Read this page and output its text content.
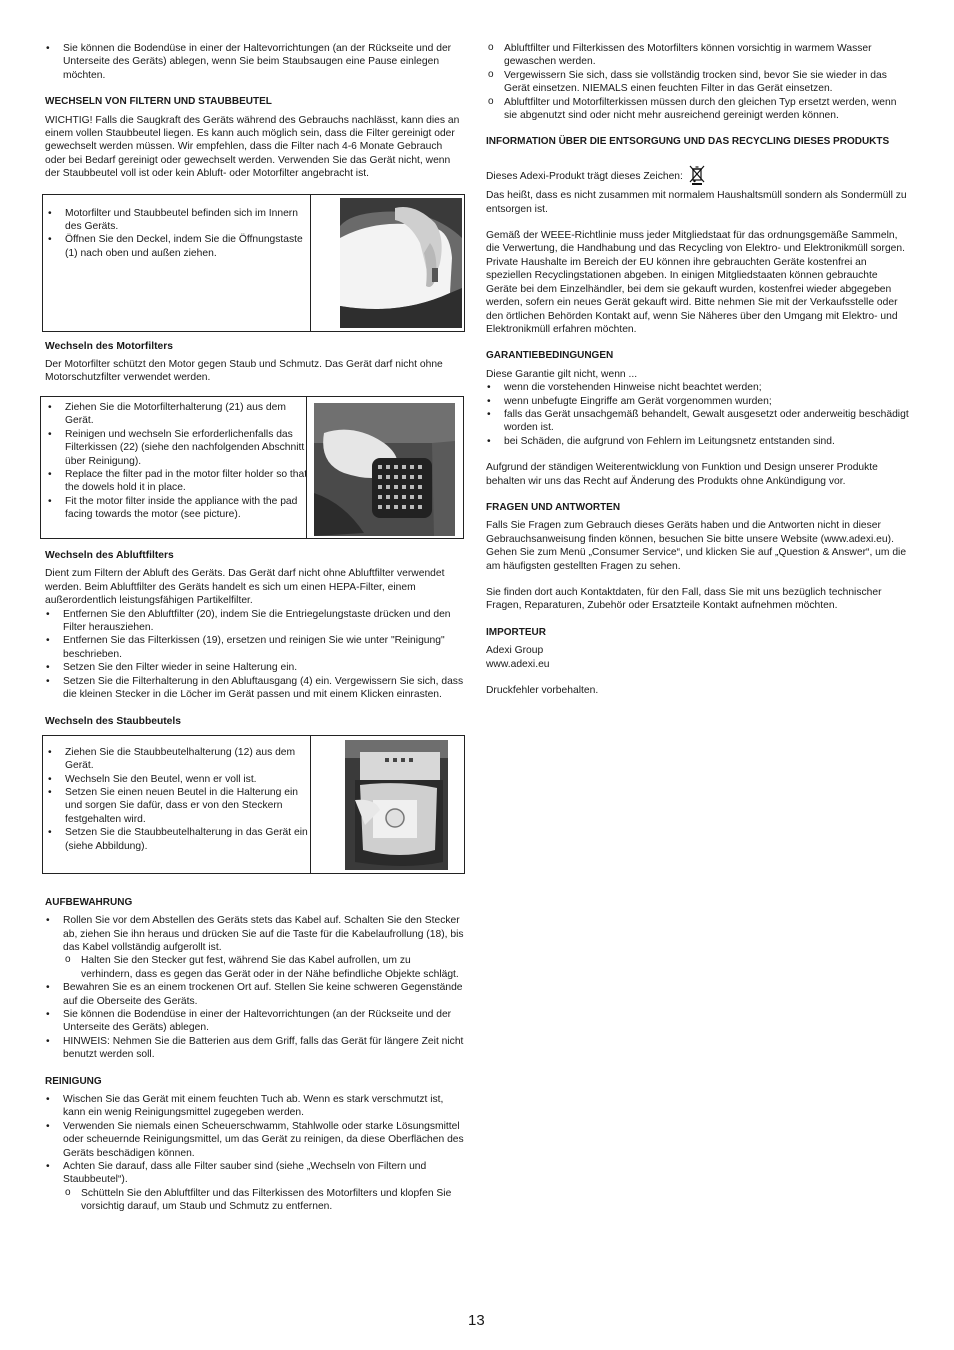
• Sie können die Bodendüse in einer der Haltevorrichtungen (an der Rückseite und der Unterseite des Geräts) ablegen, wenn Sie beim Staubsaugen eine Pause einlegen möchten.

WECHSELN VON FILTERN UND STAUBBEUTEL

WICHTIG! Falls die Saugkraft des Geräts während des Gebrauchs nachlässt, kann dies an einem vollen Staubbeutel liegen. Es kann auch möglich sein, dass die Filter gereinigt oder gewechselt werden müssen. Wir empfehlen, dass die Filter nach 4-6 Monate Gebrauch oder bei Bedarf gereinigt oder gewechselt werden. Verwenden Sie das Gerät nicht, wenn der Staubbeutel voll ist oder kein Abluft- oder Motorfilter angebracht ist.

• Motorfilter und Staubbeutel befinden sich im Innern des Geräts.
• Öffnen Sie den Deckel, indem Sie die Öffnungstaste (1) nach oben und außen ziehen.

Wechseln des Motorfilters

Der Motorfilter schützt den Motor gegen Staub und Schmutz. Das Gerät darf nicht ohne Motorschutzfilter verwendet werden.

• Ziehen Sie die Motorfilterhalterung (21) aus dem Gerät.
• Reinigen und wechseln Sie erforderlichenfalls das Filterkissen (22) (siehe den nachfolgenden Abschnitt über Reinigung).
• Replace the filter pad in the motor filter holder so that the dowels hold it in place.
• Fit the motor filter inside the appliance with the pad facing towards the motor (see picture).

Wechseln des Abluftfilters

Dient zum Filtern der Abluft des Geräts. Das Gerät darf nicht ohne Abluftfilter verwendet werden. Beim Abluftfilter des Geräts handelt es sich um einen HEPA-Filter, einem außerordentlich leistungsfähigen Partikelfilter.

• Entfernen Sie den Abluftfilter (20), indem Sie die Entriegelungstaste drücken und den Filter herausziehen.
• Entfernen Sie das Filterkissen (19), ersetzen und reinigen Sie wie unter "Reinigung" beschrieben.
• Setzen Sie den Filter wieder in seine Halterung ein.
• Setzen Sie die Filterhalterung in den Abluftausgang (4) ein. Vergewissern Sie sich, dass die kleinen Stecker in die Löcher im Gerät passen und mit einem Klicken einrasten.

Wechseln des Staubbeutels

• Ziehen Sie die Staubbeutelhalterung (12) aus dem Gerät.
• Wechseln Sie den Beutel, wenn er voll ist.
• Setzen Sie einen neuen Beutel in die Halterung ein und sorgen Sie dafür, dass er von den Steckern festgehalten wird.
• Setzen Sie die Staubbeutelhalterung in das Gerät ein (siehe Abbildung).

AUFBEWAHRUNG

• Rollen Sie vor dem Abstellen des Geräts stets das Kabel auf. Schalten Sie den Stecker ab, ziehen Sie ihn heraus und drücken Sie auf die Taste für die Kabelaufrollung (18), bis das Kabel vollständig aufgerollt ist.
o Halten Sie den Stecker gut fest, während Sie das Kabel aufrollen, um zu verhindern, dass es gegen das Gerät oder in der Nähe befindliche Objekte schlägt.
• Bewahren Sie es an einem trockenen Ort auf. Stellen Sie keine schweren Gegenstände auf die Oberseite des Geräts.
• Sie können die Bodendüse in einer der Haltevorrichtungen (an der Rückseite und der Unterseite des Geräts) ablegen.
• HINWEIS: Nehmen Sie die Batterien aus dem Griff, falls das Gerät für längere Zeit nicht benutzt werden soll.

REINIGUNG

• Wischen Sie das Gerät mit einem feuchten Tuch ab. Wenn es stark verschmutzt ist, kann ein wenig Reinigungsmittel zugegeben werden.
• Verwenden Sie niemals einen Scheuerschwamm, Stahlwolle oder starke Lösungsmittel oder scheuernde Reinigungsmittel, um das Gerät zu reinigen, da diese Oberflächen des Geräts beschädigen können.
• Achten Sie darauf, dass alle Filter sauber sind (siehe „Wechseln von Filtern und Staubbeutel“).
o Schütteln Sie den Abluftfilter und das Filterkissen des Motorfilters und klopfen Sie vorsichtig darauf, um Staub und Schmutz zu entfernen.
o Abluftfilter und Filterkissen des Motorfilters können vorsichtig in warmem Wasser gewaschen werden.
o Vergewissern Sie sich, dass sie vollständig trocken sind, bevor Sie sie wieder in das Gerät einsetzen. NIEMALS einen feuchten Filter in das Gerät einsetzen.
o Abluftfilter und Motorfilterkissen müssen durch den gleichen Typ ersetzt werden, wenn sie abgenutzt sind oder nicht mehr ausreichend gereinigt werden können.

INFORMATION ÜBER DIE ENTSORGUNG UND DAS RECYCLING DIESES PRODUKTS

Dieses Adexi-Produkt trägt dieses Zeichen:

Das heißt, dass es nicht zusammen mit normalem Haushaltsmüll sondern als Sondermüll zu entsorgen ist.

Gemäß der WEEE-Richtlinie muss jeder Mitgliedstaat für das ordnungsgemäße Sammeln, die Verwertung, die Handhabung und das Recycling von Elektro- und Elektronikmüll sorgen. Private Haushalte im Bereich der EU können ihre gebrauchten Geräte kostenfrei an speziellen Recyclingstationen abgeben. In einigen Mitgliedstaaten können gebrauchte Geräte bei dem Einzelhändler, bei dem sie gekauft wurden, kostenfrei wieder abgegeben werden, sofern ein neues Gerät gekauft wird. Bitte nehmen Sie mit der Verkaufsstelle oder den örtlichen Behörden Kontakt auf, wenn Sie Näheres über den Umgang mit Elektro- und Elektronikmüll erfahren möchten.

GARANTIEBEDINGUNGEN

Diese Garantie gilt nicht, wenn ...

• wenn die vorstehenden Hinweise nicht beachtet werden;
• wenn unbefugte Eingriffe am Gerät vorgenommen wurden;
• falls das Gerät unsachgemäß behandelt, Gewalt ausgesetzt oder anderweitig beschädigt worden ist.
• bei Schäden, die aufgrund von Fehlern im Leitungsnetz entstanden sind.

Aufgrund der ständigen Weiterentwicklung von Funktion und Design unserer Produkte behalten wir uns das Recht auf Änderung des Produkts ohne Ankündigung vor.

FRAGEN UND ANTWORTEN

Falls Sie Fragen zum Gebrauch dieses Geräts haben und die Antworten nicht in dieser Gebrauchsanweisung finden können, besuchen Sie bitte unsere Website (www.adexi.eu).

Gehen Sie zum Menü „Consumer Service“, und klicken Sie auf „Question & Answer“, um die am häufigsten gestellten Fragen zu sehen.

Sie finden dort auch Kontaktdaten, für den Fall, dass Sie mit uns bezüglich technischer Fragen, Reparaturen, Zubehör oder Ersatzteile Kontakt aufnehmen möchten.

IMPORTEUR

Adexi Group

www.adexi.eu

Druckfehler vorbehalten.

13
